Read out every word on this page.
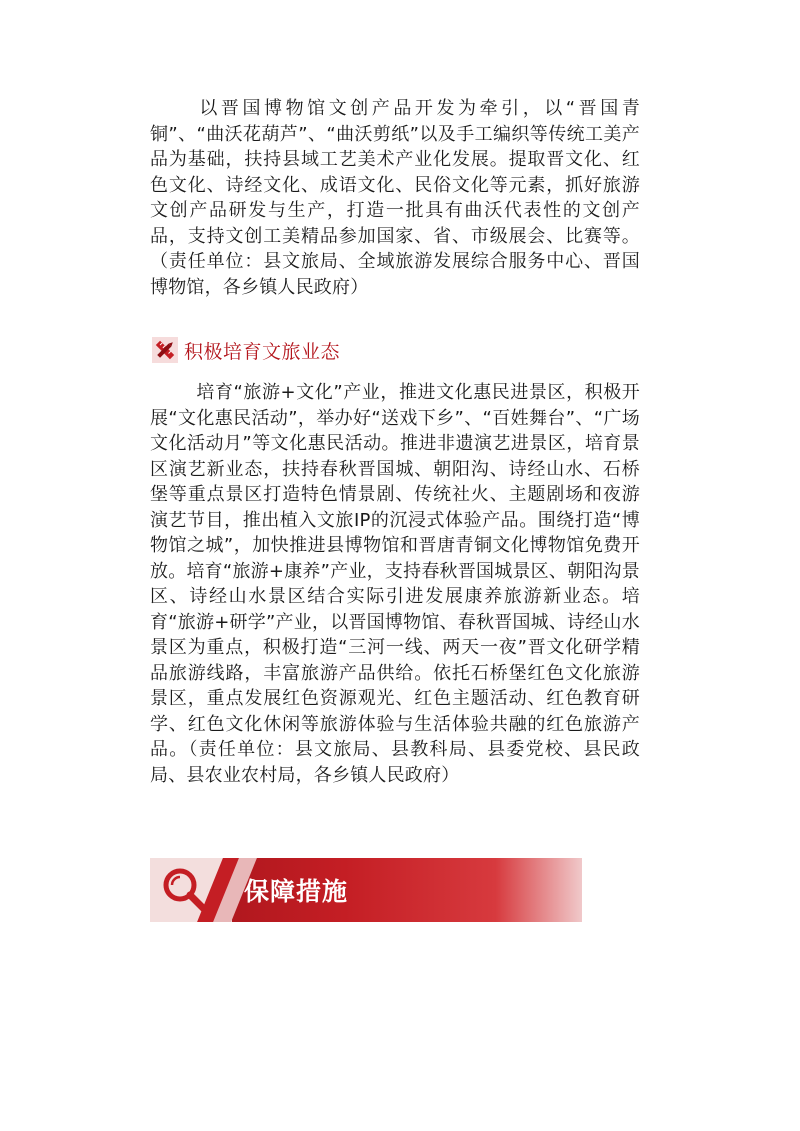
以晋国博物馆文创产品开发为牵引，以“晋国青铜”、“曲沃花葫芦”、“曲沃剪纸”以及手工编织等传统工美产品为基础，扶持县域工艺美术产业化发展。提取晋文化、红色文化、诗经文化、成语文化、民俗文化等元素，抓好旅游文创产品研发与生产，打造一批具有曲沃代表性的文创产品，支持文创工美精品参加国家、省、市级展会、比赛等。（责任单位：县文旅局、全域旅游发展综合服务中心、晋国博物馆，各乡镇人民政府）

积极培育文旅业态

培育“旅游+文化”产业，推进文化惠民进景区，积极开展“文化惠民活动”，举办好“送戏下乡”、“百姓舞台”、“广场文化活动月”等文化惠民活动。推进非遗演艺进景区，培育景区演艺新业态，扶持春秋晋国城、朝阳沟、诗经山水、石桥堡等重点景区打造特色情景剧、传统社火、主题剧场和夜游演艺节目，推出植入文旅IP的沉浸式体验产品。围绕打造“博物馆之城”，加快推进县博物馆和晋唐青铜文化博物馆免费开放。培育“旅游+康养”产业，支持春秋晋国城景区、朝阳沟景区、诗经山水景区结合实际引进发展康养旅游新业态。培育“旅游+研学”产业，以晋国博物馆、春秋晋国城、诗经山水景区为重点，积极打造“三河一线、两天一夜”晋文化研学精品旅游线路，丰富旅游产品供给。依托石桥堡红色文化旅游景区，重点发展红色资源观光、红色主题活动、红色教育研学、红色文化休闲等旅游体验与生活体验共融的红色旅游产品。（责任单位：县文旅局、县教科局、县委党校、县民政局、县农业农村局，各乡镇人民政府）

保障措施
